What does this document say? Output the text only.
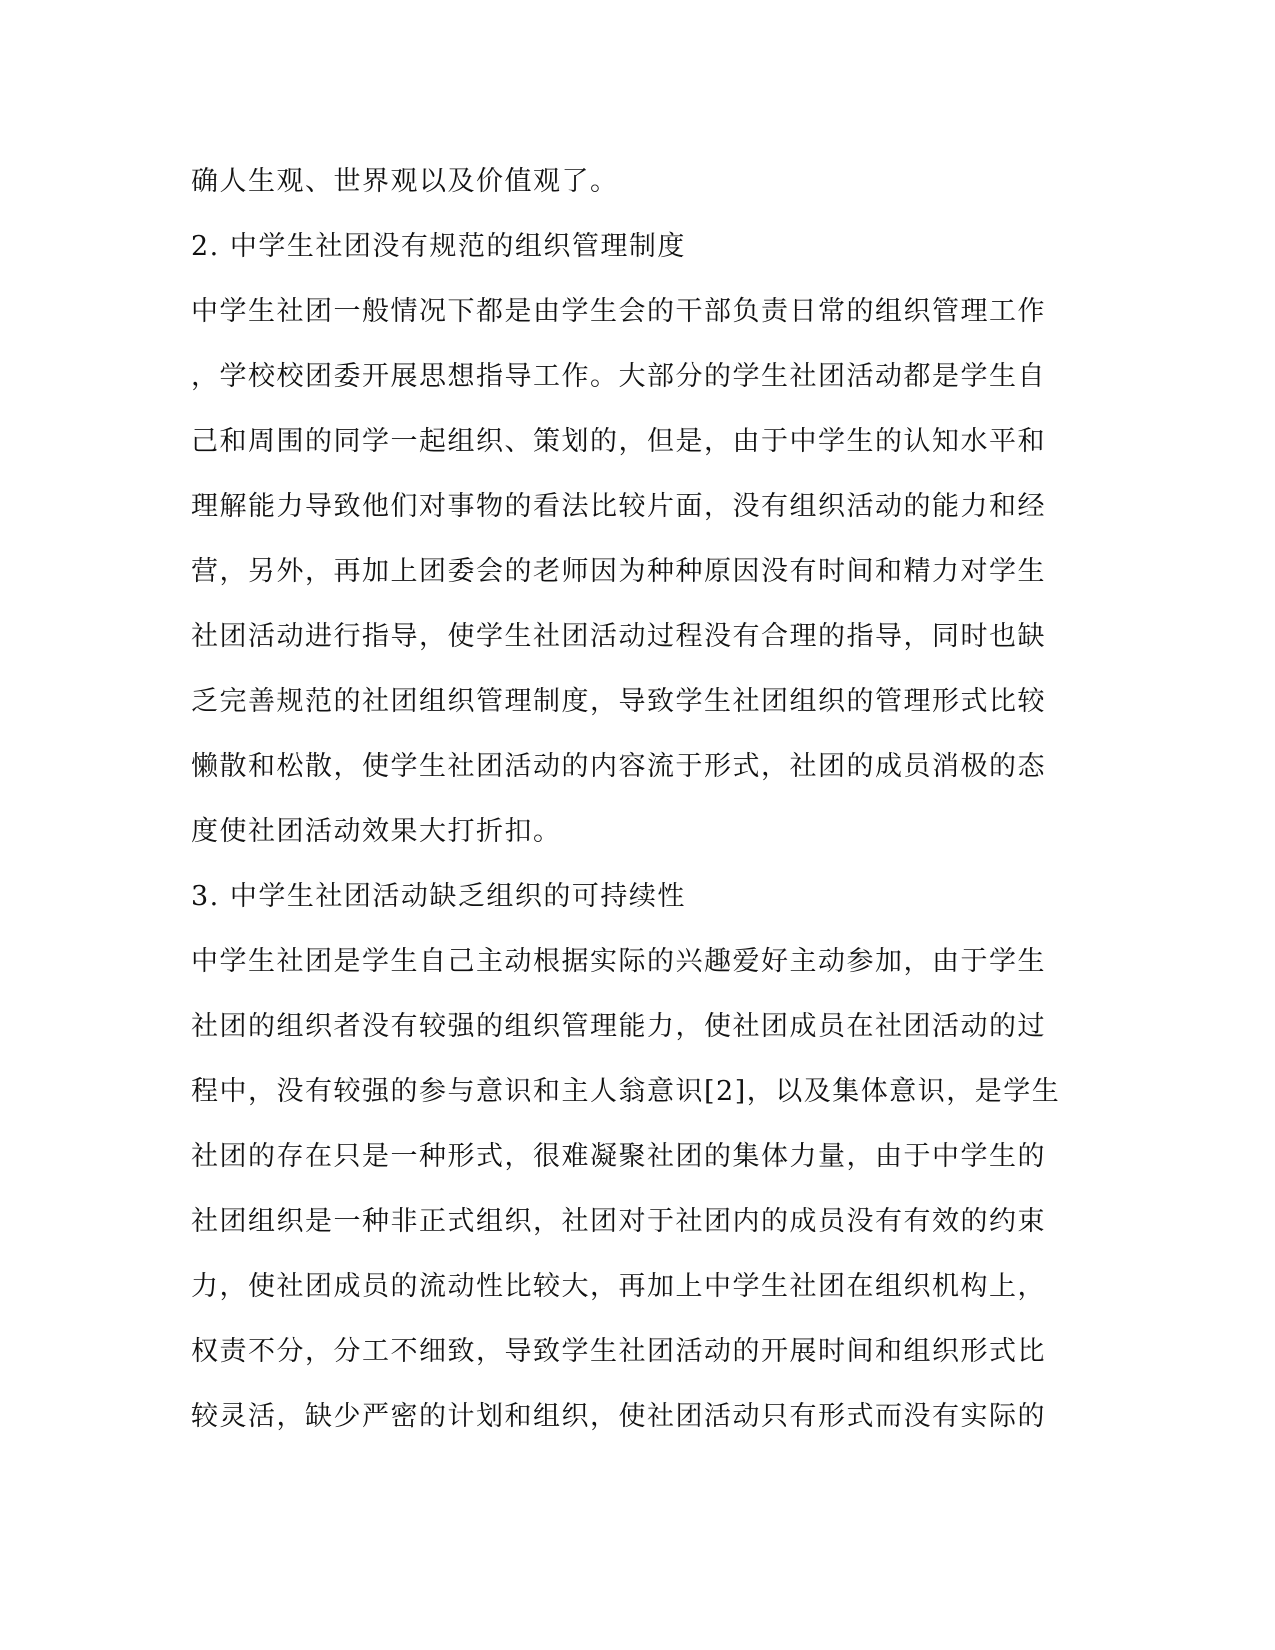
确人生观、世界观以及价值观了。
2. 中学生社团没有规范的组织管理制度
中学生社团一般情况下都是由学生会的干部负责日常的组织管理工作
，学校校团委开展思想指导工作。大部分的学生社团活动都是学生自
己和周围的同学一起组织、策划的，但是，由于中学生的认知水平和
理解能力导致他们对事物的看法比较片面，没有组织活动的能力和经
营，另外，再加上团委会的老师因为种种原因没有时间和精力对学生
社团活动进行指导，使学生社团活动过程没有合理的指导，同时也缺
乏完善规范的社团组织管理制度，导致学生社团组织的管理形式比较
懒散和松散，使学生社团活动的内容流于形式，社团的成员消极的态
度使社团活动效果大打折扣。
3. 中学生社团活动缺乏组织的可持续性
中学生社团是学生自己主动根据实际的兴趣爱好主动参加，由于学生
社团的组织者没有较强的组织管理能力，使社团成员在社团活动的过
程中，没有较强的参与意识和主人翁意识[2]，以及集体意识，是学生
社团的存在只是一种形式，很难凝聚社团的集体力量，由于中学生的
社团组织是一种非正式组织，社团对于社团内的成员没有有效的约束
力，使社团成员的流动性比较大，再加上中学生社团在组织机构上，
权责不分，分工不细致，导致学生社团活动的开展时间和组织形式比
较灵活，缺少严密的计划和组织，使社团活动只有形式而没有实际的
